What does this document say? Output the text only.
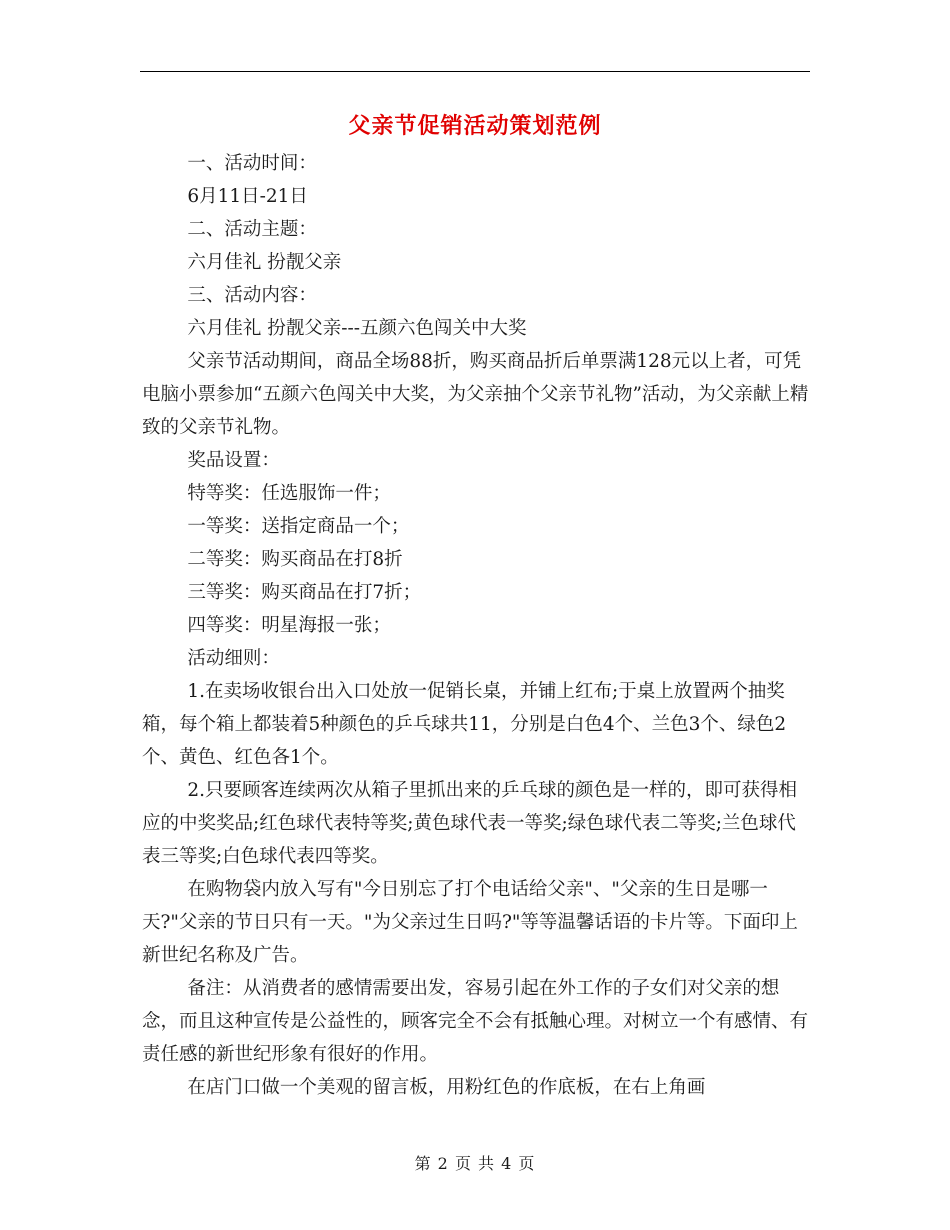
父亲节促销活动策划范例

一、活动时间：

6月11日-21日

二、活动主题：

六月佳礼 扮靓父亲

三、活动内容：

六月佳礼 扮靓父亲---五颜六色闯关中大奖

父亲节活动期间，商品全场88折，购买商品折后单票满128元以上者，可凭电脑小票参加“五颜六色闯关中大奖，为父亲抽个父亲节礼物”活动，为父亲献上精致的父亲节礼物。

奖品设置：

特等奖：任选服饰一件；

一等奖：送指定商品一个；

二等奖：购买商品在打8折

三等奖：购买商品在打7折；

四等奖：明星海报一张；

活动细则：

1.在卖场收银台出入口处放一促销长桌，并铺上红布;于桌上放置两个抽奖箱，每个箱上都装着5种颜色的乒乓球共11，分别是白色4个、兰色3个、绿色2个、黄色、红色各1个。

2.只要顾客连续两次从箱子里抓出来的乒乓球的颜色是一样的，即可获得相应的中奖奖品;红色球代表特等奖;黄色球代表一等奖;绿色球代表二等奖;兰色球代表三等奖;白色球代表四等奖。

在购物袋内放入写有"今日别忘了打个电话给父亲"、"父亲的生日是哪一天?"父亲的节日只有一天。"为父亲过生日吗?"等等温馨话语的卡片等。下面印上新世纪名称及广告。

备注：从消费者的感情需要出发，容易引起在外工作的子女们对父亲的想念，而且这种宣传是公益性的，顾客完全不会有抵触心理。对树立一个有感情、有责任感的新世纪形象有很好的作用。

在店门口做一个美观的留言板，用粉红色的作底板，在右上角画

第 2 页 共 4 页
